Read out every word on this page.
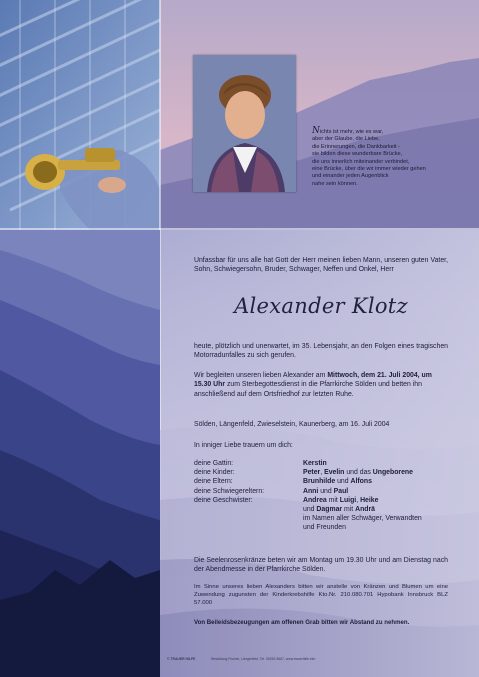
Nichts ist mehr, wie es war,
aber der Glaube, die Liebe,
die Erinnerungen, die Dankbarkeit -
sie bilden diese wunderbare Brücke,
die uns innerlich miteinander verbindet,
eine Brücke, über die wir immer wieder gehen
und einander jeden Augenblick
nahe sein können.
Unfassbar für uns alle hat Gott der Herr meinen lieben Mann, unseren guten Vater, Sohn, Schwiegersohn, Bruder, Schwager, Neffen und Onkel, Herr
Alexander Klotz
heute, plötzlich und unerwartet, im 35. Lebensjahr, an den Folgen eines tragischen Motorradunfalles zu sich gerufen.
Wir begleiten unseren lieben Alexander am Mittwoch, dem 21. Juli 2004, um 15.30 Uhr zum Sterbegottesdienst in die Pfarrkirche Sölden und betten ihn anschließend auf dem Ortsfriedhof zur letzten Ruhe.
Sölden, Längenfeld, Zwieselstein, Kaunerberg, am 16. Juli 2004
In inniger Liebe trauern um dich:
deine Gattin:	Kerstin
deine Kinder:	Peter, Evelin und das Ungeborene
deine Eltern:	Brunhilde und Alfons
deine Schwiegereltern:	Anni und Paul
deine Geschwister:	Andrea mit Luigi, Heike
und Dagmar mit Andrä
im Namen aller Schwäger, Verwandten
und Freunden
Die Seelenrosenkränze beten wir am Montag um 19.30 Uhr und am Dienstag nach der Abendmesse in der Pfarrkirche Sölden.
Im Sinne unseres lieben Alexanders bitten wir anstelle von Kränzen und Blumen um eine Zuwendung zugunsten der Kinderkrebshilfe Kto.Nr. 210.080.701 Hypobank Innsbruck BLZ 57.000
Von Beileidsbezeugungen am offenen Grab bitten wir Abstand zu nehmen.
© TRAUER HILFE	Bestattung Fischer, Längenfeld, Tel. 05253 5667, www.trauerhilfe.info
